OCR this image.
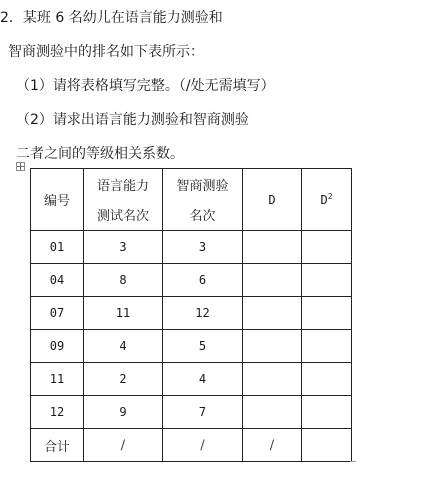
2．某班 6 名幼儿在语言能力测验和
智商测验中的排名如下表所示：
（1）请将表格填写完整。（/处无需填写）
（2）请求出语言能力测验和智商测验
二者之间的等级相关系数。
编号	语言能力	智商测验	D	$D^2$
	测试名次	名次		
01	3	3		
04	8	6		
07	11	12		
09	4	5		
11	2	4		
12	9	7		
合计	/	/	/	
